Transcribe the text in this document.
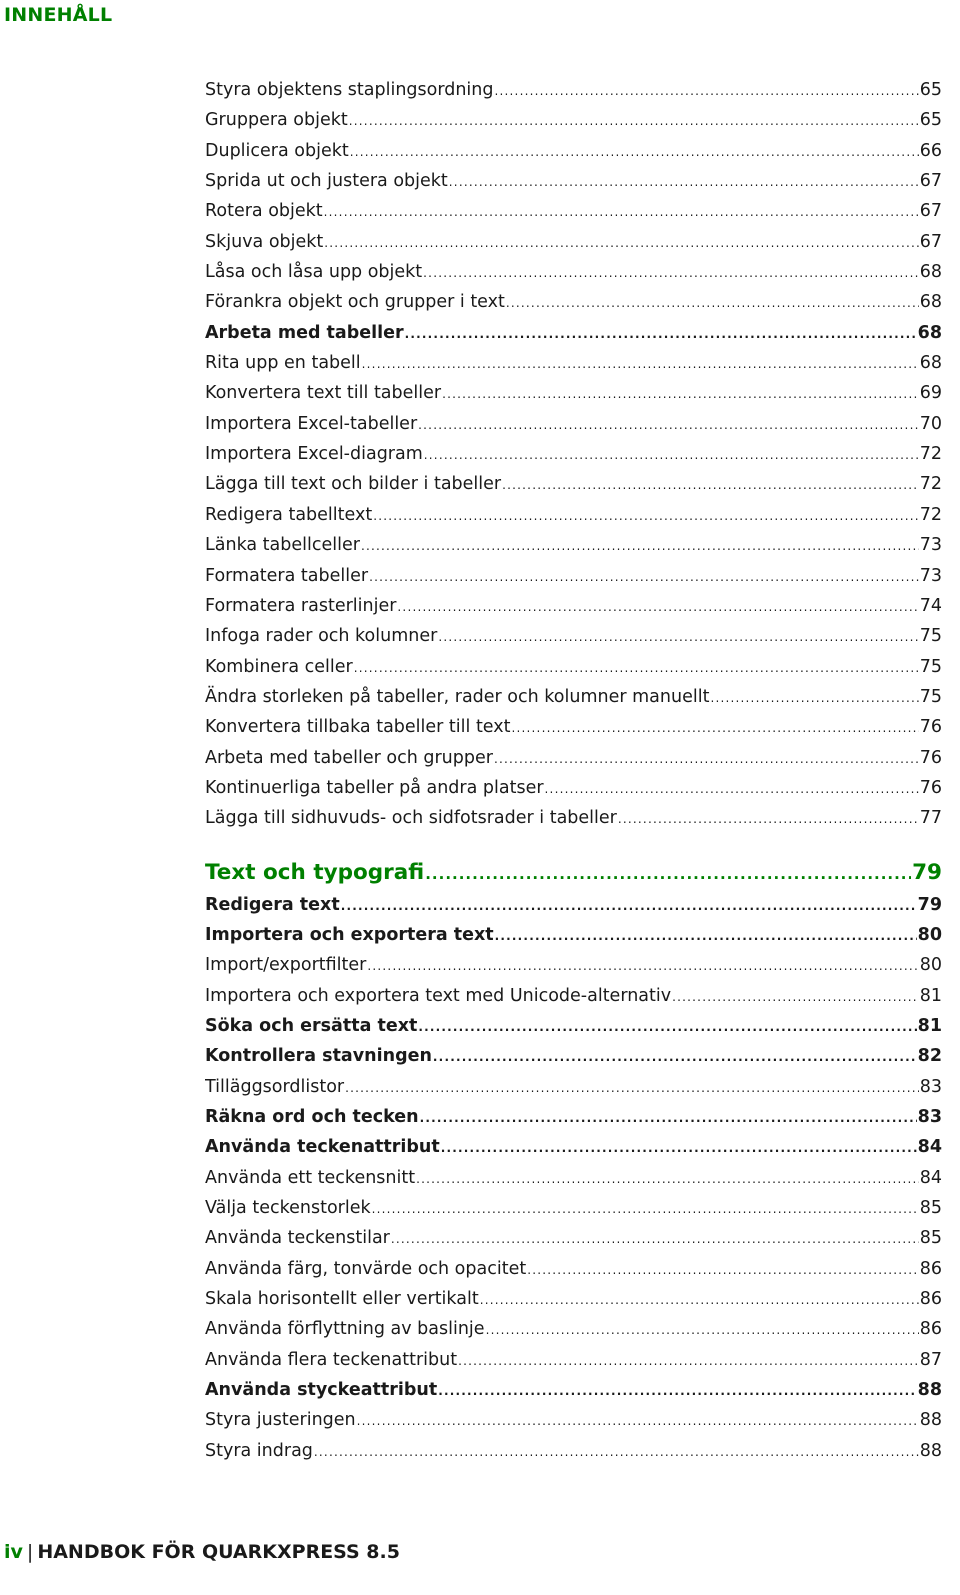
INNEHÅLL
Styra objektens staplingsordning .....	65
Gruppera objekt .....	65
Duplicera objekt .....	66
Sprida ut och justera objekt .....	67
Rotera objekt .....	67
Skjuva objekt .....	67
Låsa och låsa upp objekt .....	68
Förankra objekt och grupper i text .....	68
Arbeta med tabeller .....	68
Rita upp en tabell .....	68
Konvertera text till tabeller .....	69
Importera Excel-tabeller .....	70
Importera Excel-diagram .....	72
Lägga till text och bilder i tabeller .....	72
Redigera tabelltext .....	72
Länka tabellceller .....	73
Formatera tabeller .....	73
Formatera rasterlinjer .....	74
Infoga rader och kolumner .....	75
Kombinera celler .....	75
Ändra storleken på tabeller, rader och kolumner manuellt .....	75
Konvertera tillbaka tabeller till text .....	76
Arbeta med tabeller och grupper .....	76
Kontinuerliga tabeller på andra platser .....	76
Lägga till sidhuvuds- och sidfotsrader i tabeller .....	77
Text och typografi .....	79
Redigera text .....	79
Importera och exportera text .....	80
Import/exportfilter .....	80
Importera och exportera text med Unicode-alternativ .....	81
Söka och ersätta text .....	81
Kontrollera stavningen .....	82
Tilläggsordlistor .....	83
Räkna ord och tecken .....	83
Använda teckenattribut .....	84
Använda ett teckensnitt .....	84
Välja teckenstorlek .....	85
Använda teckenstilar .....	85
Använda färg, tonvärde och opacitet .....	86
Skala horisontellt eller vertikalt .....	86
Använda förflyttning av baslinje .....	86
Använda flera teckenattribut .....	87
Använda styckeattribut .....	88
Styra justeringen .....	88
Styra indrag .....	88
iv | HANDBOK FÖR QUARKXPRESS 8.5
